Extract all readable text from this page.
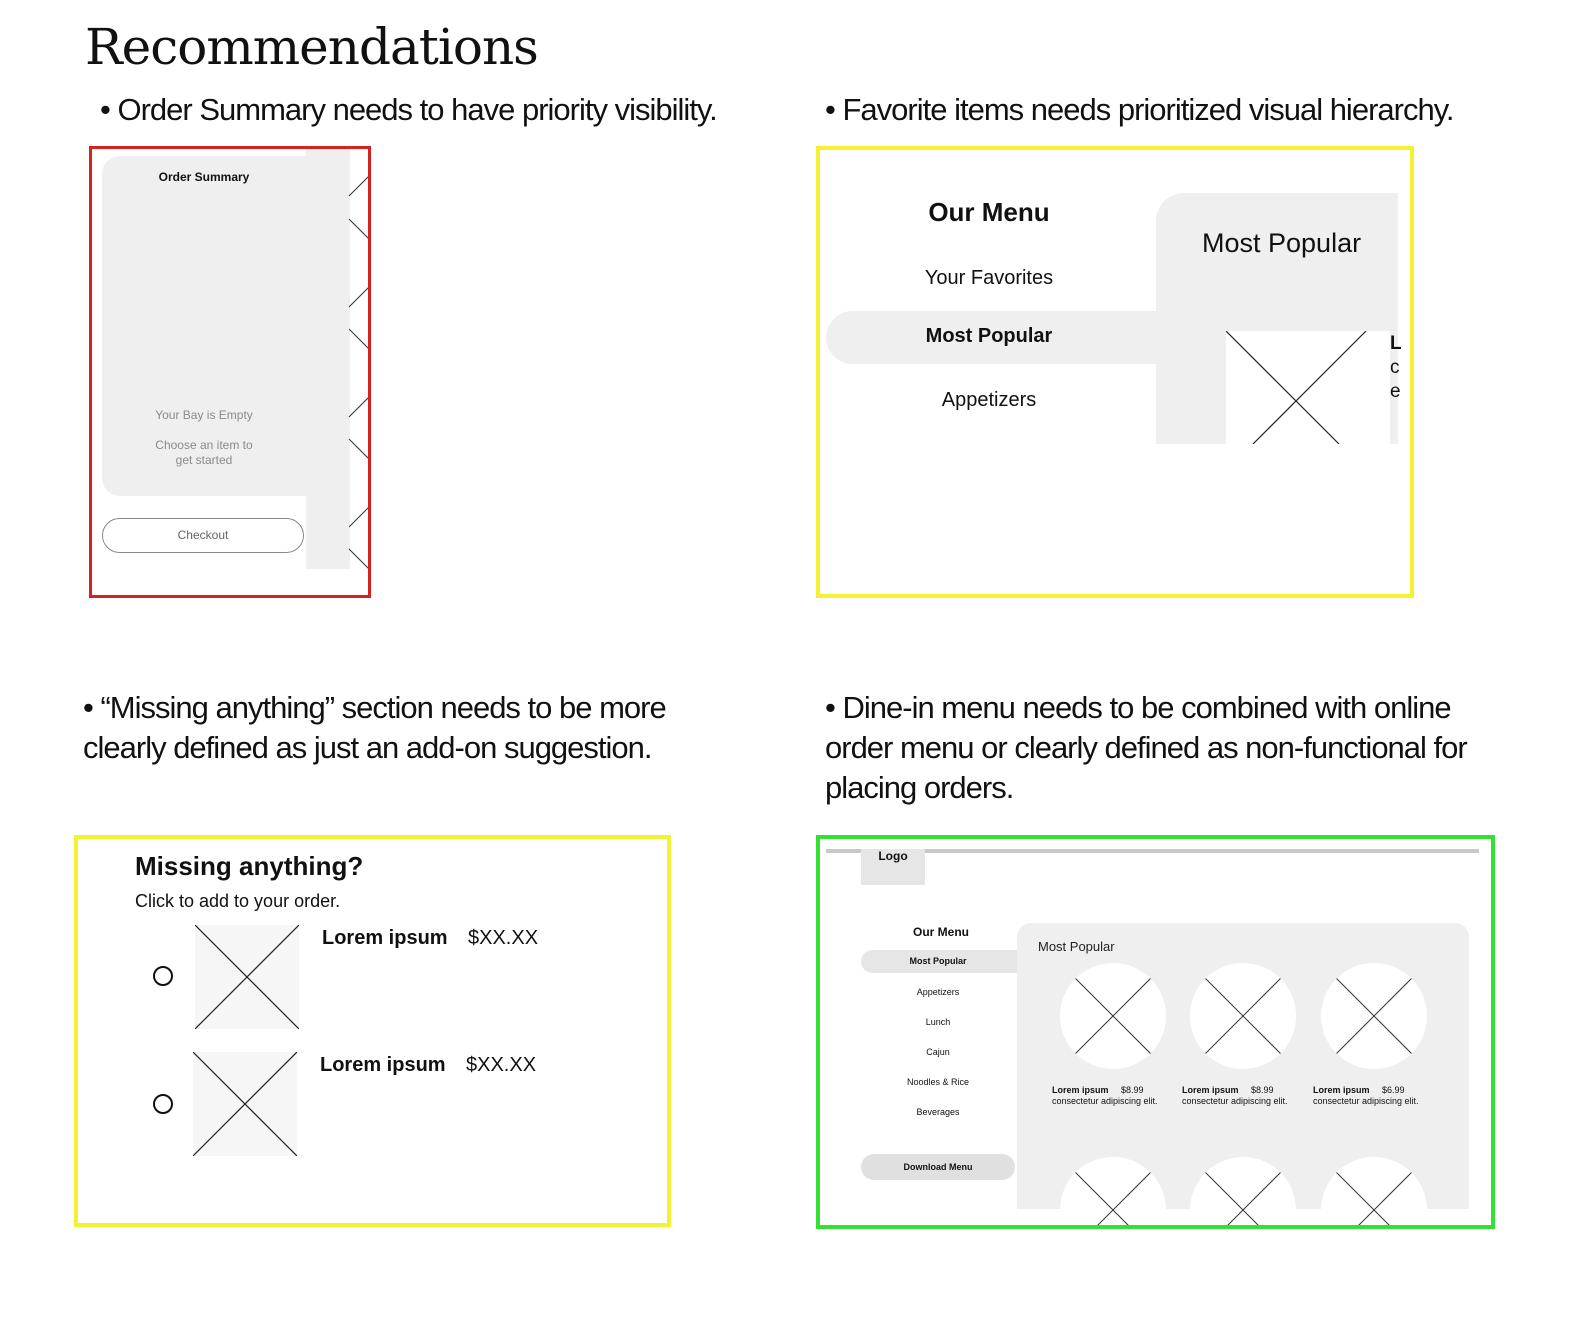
Recommendations
• Order Summary needs to have priority visibility.	• Favorite items needs prioritized visual hierarchy.
• “Missing anything” section needs to be more clearly defined as just an add-on suggestion.
• Dine-in menu needs to be combined with online order menu or clearly defined as non-functional for placing orders.
Order Summary
Your Bay is Empty
Choose an item to get started
Checkout
Our Menu
Your Favorites
Most Popular
Appetizers
Most Popular
L
c
e
Missing anything?
Click to add to your order.
Lorem ipsum $XX.XX
Lorem ipsum $XX.XX
Logo
Our Menu
Most Popular
Appetizers
Lunch
Cajun
Noodles & Rice
Beverages
Download Menu
Most Popular
Lorem ipsum $8.99
consectetur adipiscing elit.
Lorem ipsum $8.99
consectetur adipiscing elit.
Lorem ipsum $6.99
consectetur adipiscing elit.
